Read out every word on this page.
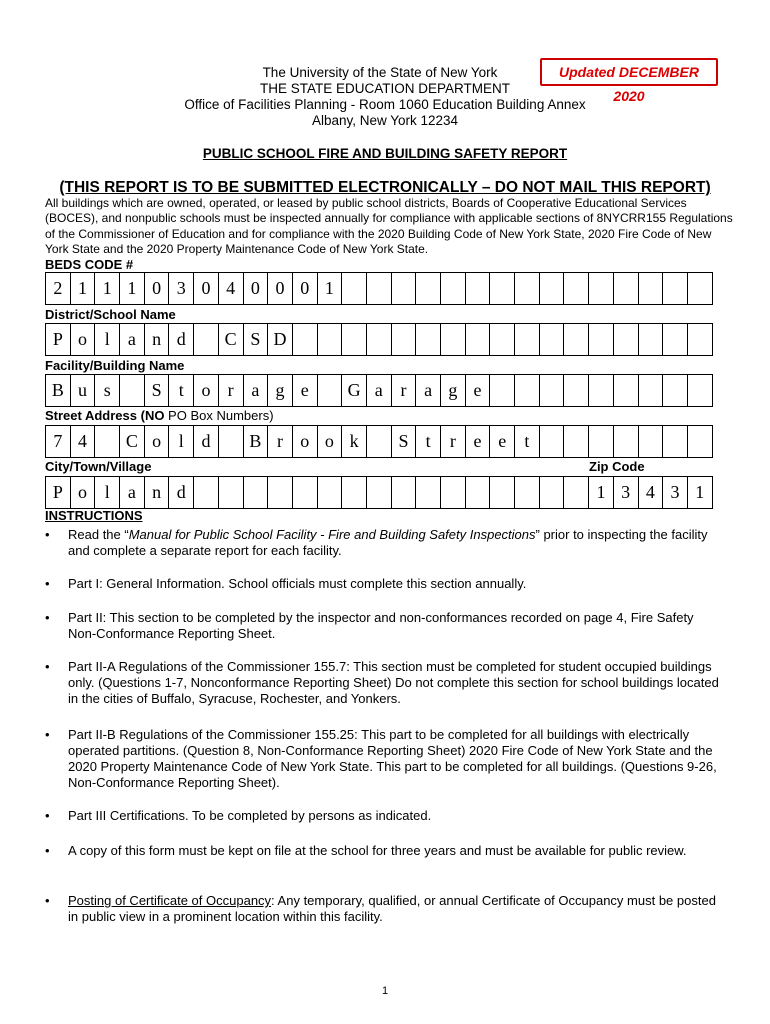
The University of the State of New York
THE STATE EDUCATION DEPARTMENT
Office of Facilities Planning - Room 1060 Education Building Annex
Albany, New York 12234
Updated DECEMBER 2020
PUBLIC SCHOOL FIRE AND BUILDING SAFETY REPORT
(THIS REPORT IS TO BE SUBMITTED ELECTRONICALLY – DO NOT MAIL THIS REPORT)
All buildings which are owned, operated, or leased by public school districts, Boards of Cooperative Educational Services (BOCES), and nonpublic schools must be inspected annually for compliance with applicable sections of 8NYCRR155 Regulations of the Commissioner of Education and for compliance with the 2020 Building Code of New York State, 2020 Fire Code of New York State and the 2020 Property Maintenance Code of New York State.
BEDS CODE #
2 1 1 1 0 3 0 4 0 0 0 1
District/School Name
P o l	a n d	C S D
Facility/Building Name
B u s	S t o r a g e	G a r a g e
Street Address (NO PO Box Numbers)
7 4	C o l d	B r o o k	S t	r e e	t
City/Town/Village	Zip Code
P o l	a n d	1 3 4 3 1
INSTRUCTIONS
•	Read the “Manual for Public School Facility - Fire and Building Safety Inspections” prior to inspecting the facility and complete a separate report for each facility.
•	Part I: General Information. School officials must complete this section annually.
•	Part II: This section to be completed by the inspector and non-conformances recorded on page 4, Fire Safety Non-Conformance Reporting Sheet.
•	Part II-A Regulations of the Commissioner 155.7: This section must be completed for student occupied buildings only. (Questions 1-7, Nonconformance Reporting Sheet) Do not complete this section for school buildings located in the cities of Buffalo, Syracuse, Rochester, and Yonkers.
•	Part II-B Regulations of the Commissioner 155.25: This part to be completed for all buildings with electrically operated partitions. (Question 8, Non-Conformance Reporting Sheet) 2020 Fire Code of New York State and the 2020 Property Maintenance Code of New York State. This part to be completed for all buildings. (Questions 9-26, Non-Conformance Reporting Sheet).
•	Part III Certifications. To be completed by persons as indicated.
•	A copy of this form must be kept on file at the school for three years and must be available for public review.
•	Posting of Certificate of Occupancy: Any temporary, qualified, or annual Certificate of Occupancy must be posted in public view in a prominent location within this facility.
1
